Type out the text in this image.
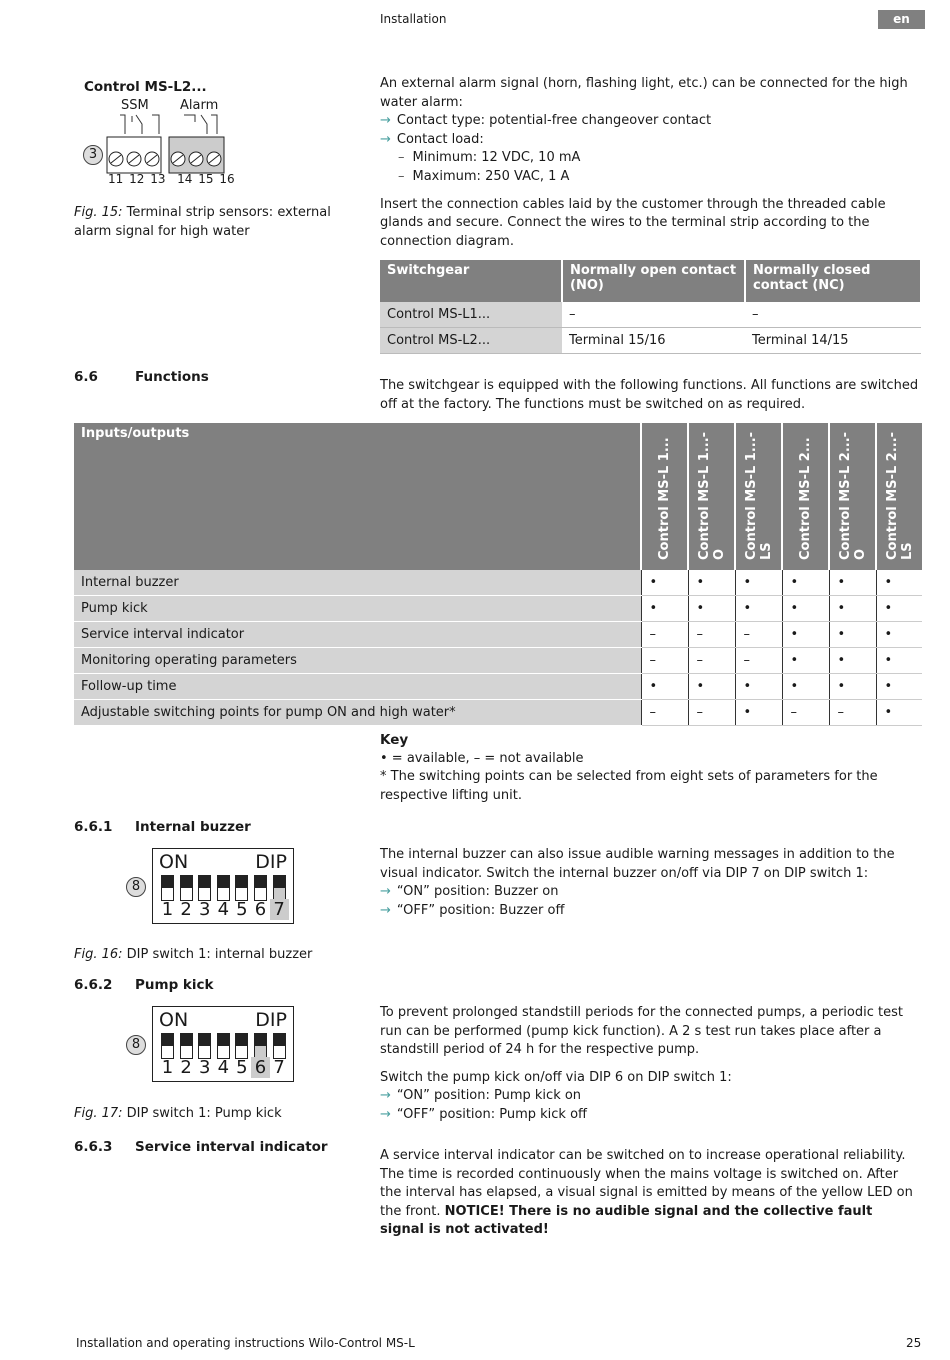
Installation	en
Control MS-L2...
SSM Alarm
3
11 12 13 14 15 16

Fig. 15: Terminal strip sensors: external alarm signal for high water

An external alarm signal (horn, flashing light, etc.) can be connected for the high water alarm:

→ Contact type: potential-free changeover contact

→ Contact load:

– Minimum: 12 VDC, 10 mA

– Maximum: 250 VAC, 1 A

Insert the connection cables laid by the customer through the threaded cable glands and secure. Connect the wires to the terminal strip according to the connection diagram.

Switchgear	Normally open contact (NO)	Normally closed contact (NC)
Control MS-L1...	–	–
Control MS-L2...	Terminal 15/16	Terminal 14/15
6.6	Functions

The switchgear is equipped with the following functions. All functions are switched off at the factory. The functions must be switched on as required.

Inputs/outputs	Control MS-L 1...	Control MS-L 1...-O	Control MS-L 1...-LS	Control MS-L 2...	Control MS-L 2...-O	Control MS-L 2...-LS
Internal buzzer	•	•	•	•	•	•
Pump kick	•	•	•	•	•	•
Service interval indicator	–	–	–	•	•	•
Monitoring operating parameters	–	–	–	•	•	•
Follow-up time	•	•	•	•	•	•
Adjustable switching points for pump ON and high water*	–	–	•	–	–	•

Key

• = available, – = not available

* The switching points can be selected from eight sets of parameters for the respective lifting unit.

6.6.1 Internal buzzer
ON	DIP
1 2 3 4 5 6 7
8

Fig. 16: DIP switch 1: internal buzzer

The internal buzzer can also issue audible warning messages in addition to the visual indicator. Switch the internal buzzer on/off via DIP 7 on DIP switch 1:

→ “ON” position: Buzzer on

→ “OFF” position: Buzzer off

6.6.2 Pump kick
ON	DIP
1 2 3 4 5 6 7
8

Fig. 17: DIP switch 1: Pump kick

To prevent prolonged standstill periods for the connected pumps, a periodic test run can be performed (pump kick function). A 2 s test run takes place after a standstill period of 24 h for the respective pump.

Switch the pump kick on/off via DIP 6 on DIP switch 1:

→ “ON” position: Pump kick on

→ “OFF” position: Pump kick off

6.6.3 Service interval indicator

A service interval indicator can be switched on to increase operational reliability. The time is recorded continuously when the mains voltage is switched on. After the interval has elapsed, a visual signal is emitted by means of the yellow LED on the front. NOTICE! There is no audible signal and the collective fault signal is not activated!

Installation and operating instructions Wilo-Control MS-L	25
